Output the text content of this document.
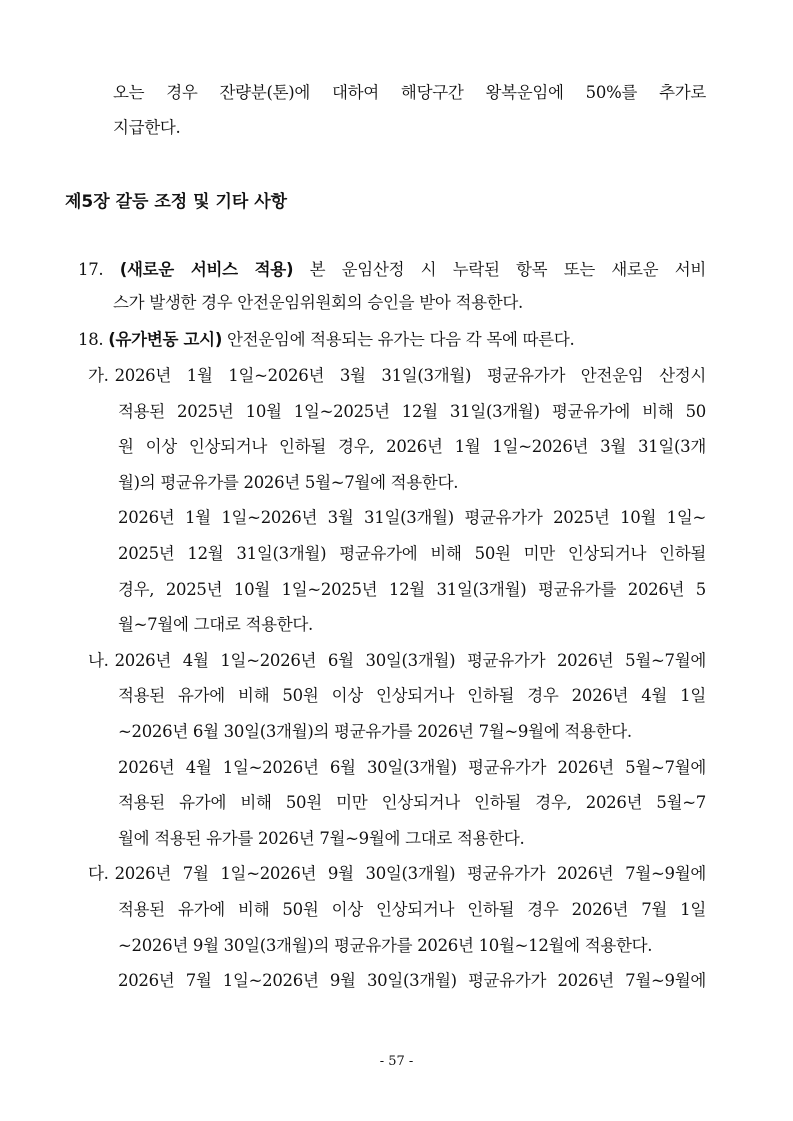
오는 경우 잔량분(톤)에 대하여 해당구간 왕복운임에 50%를 추가로
지급한다.
제5장 갈등 조정 및 기타 사항
17. (새로운 서비스 적용) 본 운임산정 시 누락된 항목 또는 새로운 서비
스가 발생한 경우 안전운임위원회의 승인을 받아 적용한다.
18. (유가변동 고시) 안전운임에 적용되는 유가는 다음 각 목에 따른다.
가. 2026년 1월 1일~2026년 3월 31일(3개월) 평균유가가 안전운임 산정시
적용된 2025년 10월 1일~2025년 12월 31일(3개월) 평균유가에 비해 50
원 이상 인상되거나 인하될 경우, 2026년 1월 1일~2026년 3월 31일(3개
월)의 평균유가를 2026년 5월~7월에 적용한다.
2026년 1월 1일~2026년 3월 31일(3개월) 평균유가가 2025년 10월 1일~
2025년 12월 31일(3개월) 평균유가에 비해 50원 미만 인상되거나 인하될
경우, 2025년 10월 1일~2025년 12월 31일(3개월) 평균유가를 2026년 5
월~7월에 그대로 적용한다.
나. 2026년 4월 1일~2026년 6월 30일(3개월) 평균유가가 2026년 5월~7월에
적용된 유가에 비해 50원 이상 인상되거나 인하될 경우 2026년 4월 1일
~2026년 6월 30일(3개월)의 평균유가를 2026년 7월~9월에 적용한다.
2026년 4월 1일~2026년 6월 30일(3개월) 평균유가가 2026년 5월~7월에
적용된 유가에 비해 50원 미만 인상되거나 인하될 경우, 2026년 5월~7
월에 적용된 유가를 2026년 7월~9월에 그대로 적용한다.
다. 2026년 7월 1일~2026년 9월 30일(3개월) 평균유가가 2026년 7월~9월에
적용된 유가에 비해 50원 이상 인상되거나 인하될 경우 2026년 7월 1일
~2026년 9월 30일(3개월)의 평균유가를 2026년 10월~12월에 적용한다.
2026년 7월 1일~2026년 9월 30일(3개월) 평균유가가 2026년 7월~9월에
- 57 -
